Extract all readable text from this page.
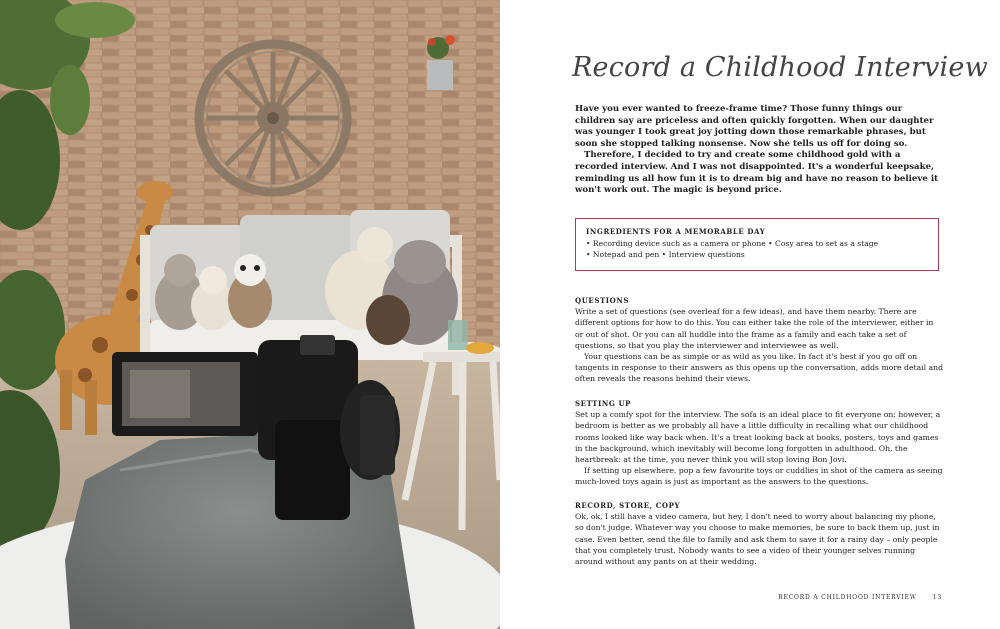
Record a Childhood Interview

Have you ever wanted to freeze-frame time? Those funny things our children say are priceless and often quickly forgotten. When our daughter was younger I took great joy jotting down those remarkable phrases, but soon she stopped talking nonsense. Now she tells us off for doing so.

Therefore, I decided to try and create some childhood gold with a recorded interview. And I was not disappointed. It's a wonderful keepsake, reminding us all how fun it is to dream big and have no reason to believe it won't work out. The magic is beyond price.

INGREDIENTS FOR A MEMORABLE DAY
• Recording device such as a camera or phone • Cosy area to set as a stage
• Notepad and pen • Interview questions
QUESTIONS

Write a set of questions (see overleaf for a few ideas), and have them nearby. There are different options for how to do this. You can either take the role of the interviewer, either in or out of shot. Or you can all huddle into the frame as a family and each take a set of questions, so that you play the interviewer and interviewee as well.

Your questions can be as simple or as wild as you like. In fact it's best if you go off on tangents in response to their answers as this opens up the conversation, adds more detail and often reveals the reasons behind their views.

SETTING UP

Set up a comfy spot for the interview. The sofa is an ideal place to fit everyone on; however, a bedroom is better as we probably all have a little difficulty in recalling what our childhood rooms looked like way back when. It's a treat looking back at books, posters, toys and games in the background, which inevitably will become long forgotten in adulthood. Oh, the heartbreak: at the time, you never think you will stop loving Bon Jovi.

If setting up elsewhere, pop a few favourite toys or cuddlies in shot of the camera as seeing much-loved toys again is just as important as the answers to the questions.

RECORD, STORE, COPY

Ok, ok, I still have a video camera, but hey, I don't need to worry about balancing my phone, so don't judge. Whatever way you choose to make memories, be sure to back them up, just in case. Even better, send the file to family and ask them to save it for a rainy day – only people that you completely trust. Nobody wants to see a video of their younger selves running around without any pants on at their wedding.

RECORD A CHILDHOOD INTERVIEW	13
